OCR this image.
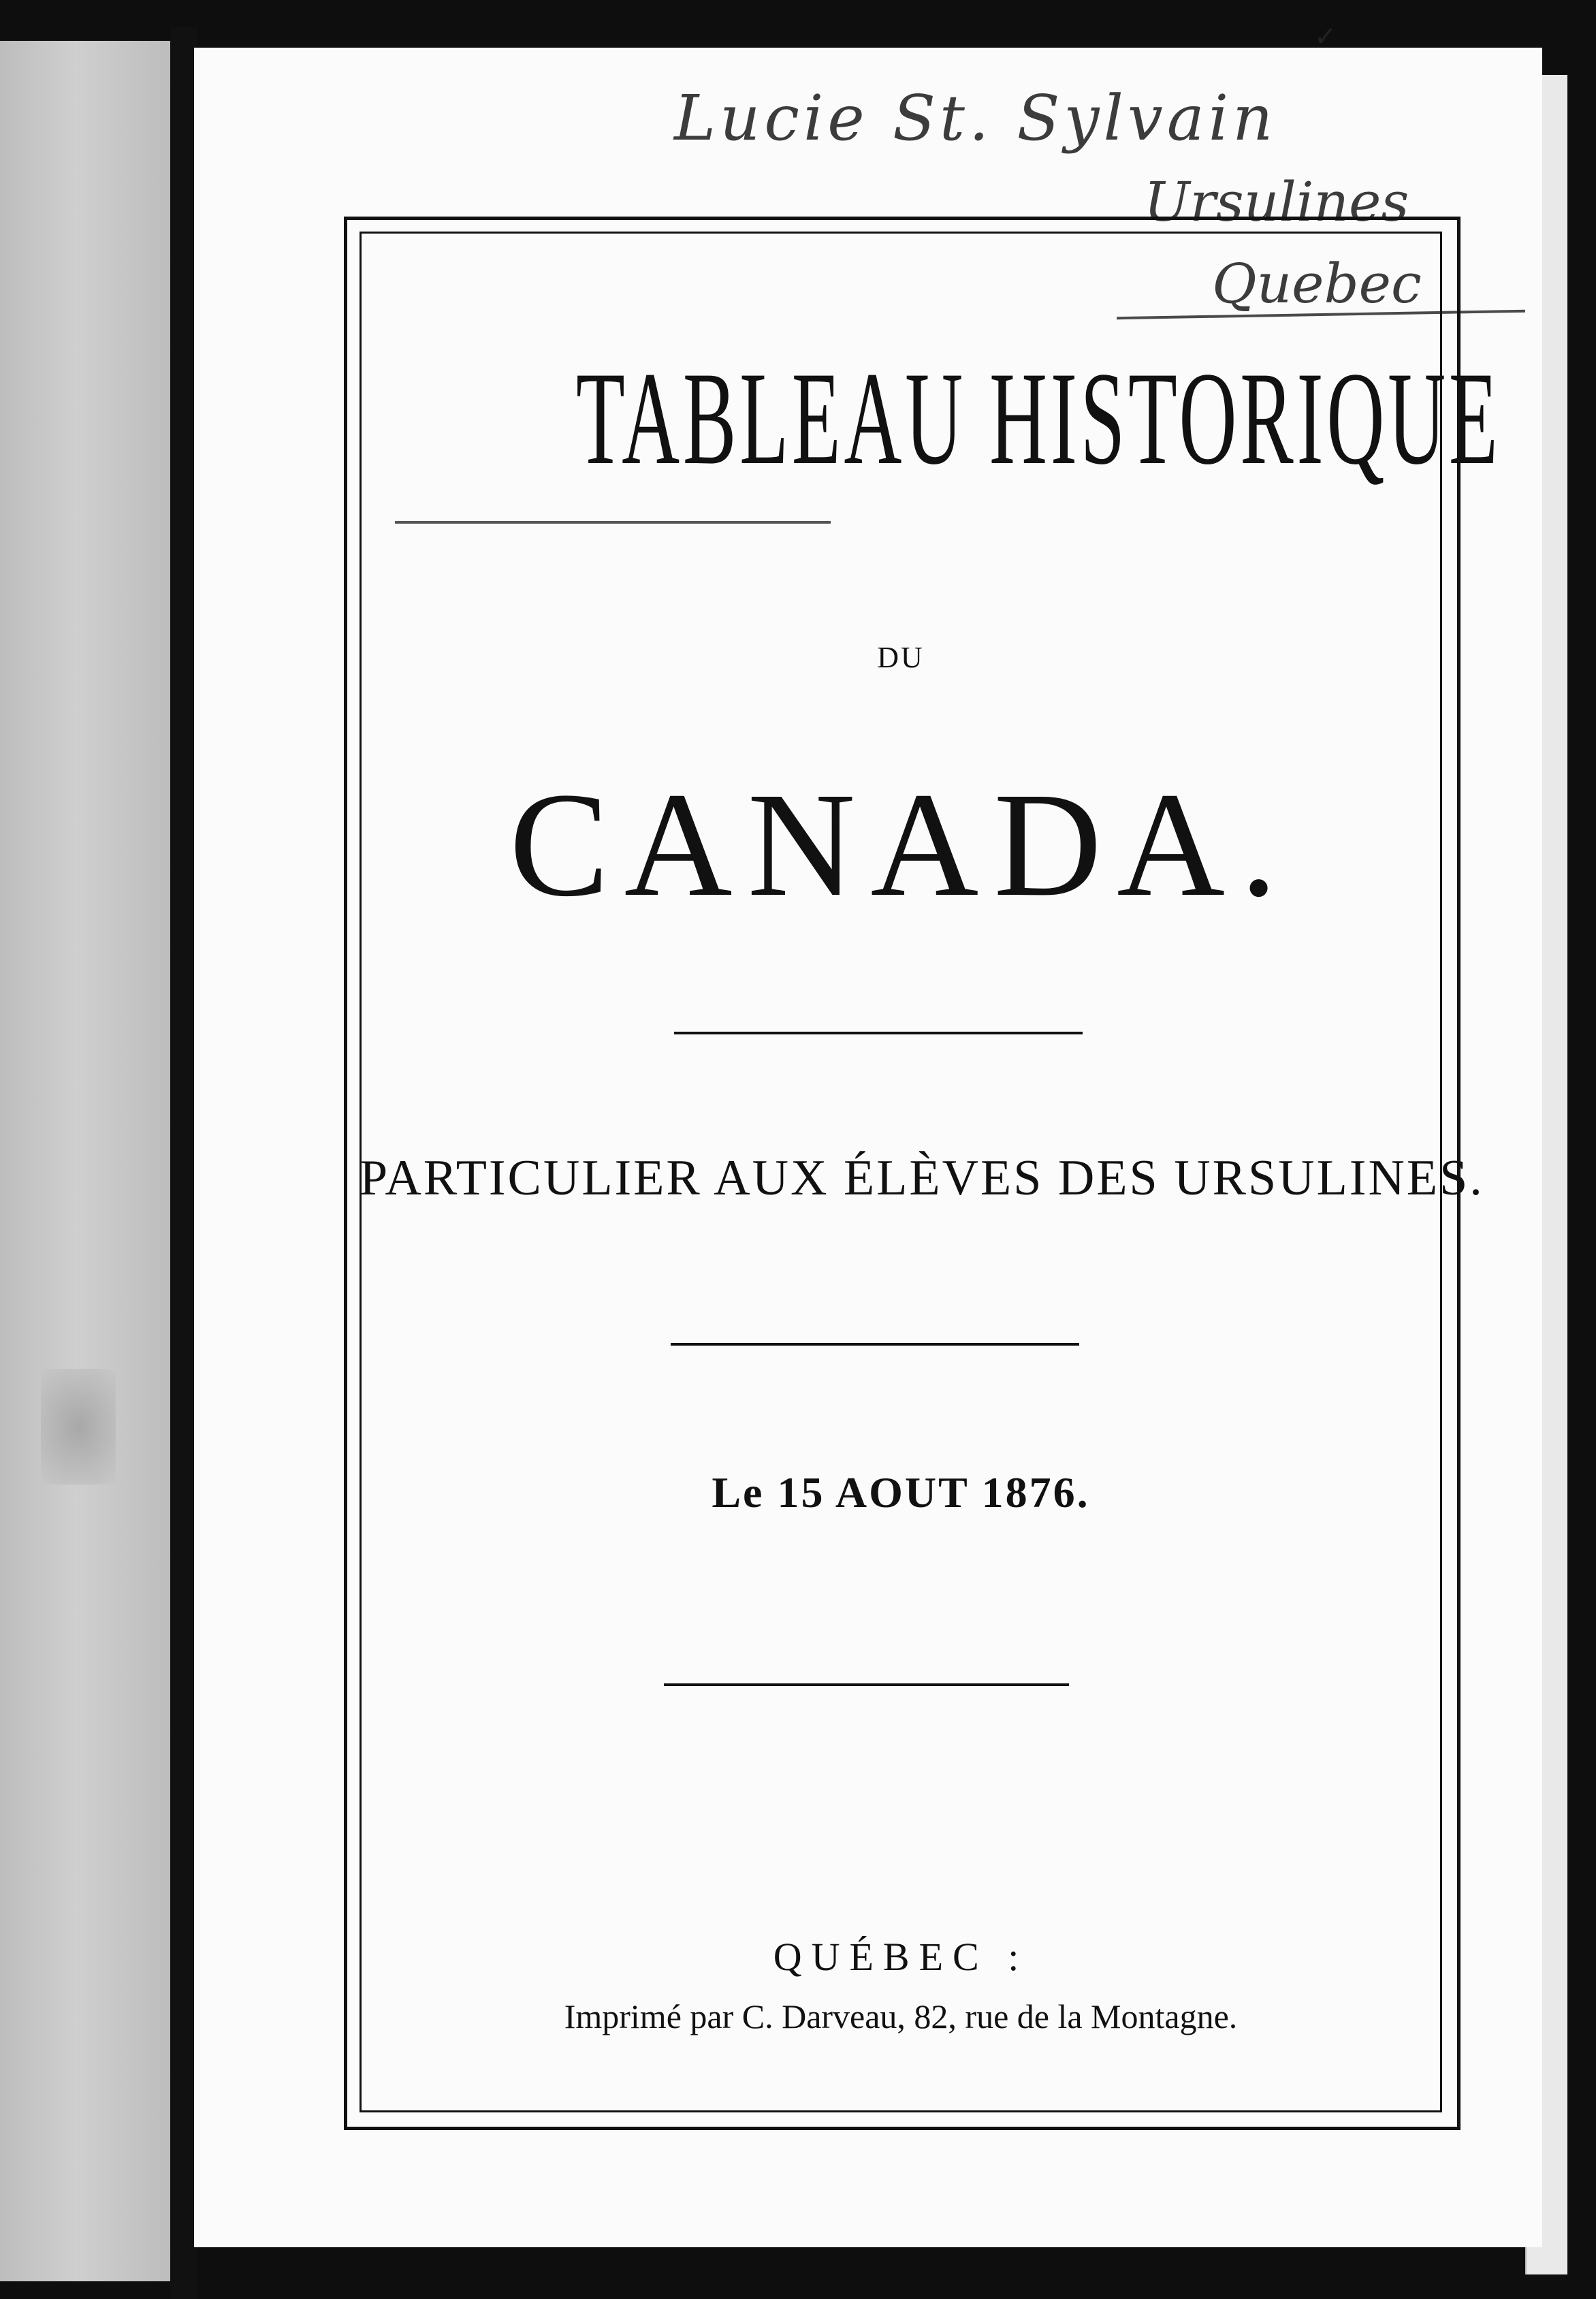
Lucie St. Sylvain
Ursulines
Quebec
TABLEAU HISTORIQUE
DU
CANADA.
PARTICULIER AUX ÉLÈVES DES URSULINES.
Le 15 AOUT 1876.
QUÉBEC :
Imprimé par C. Darveau, 82, rue de la Montagne.
✓
